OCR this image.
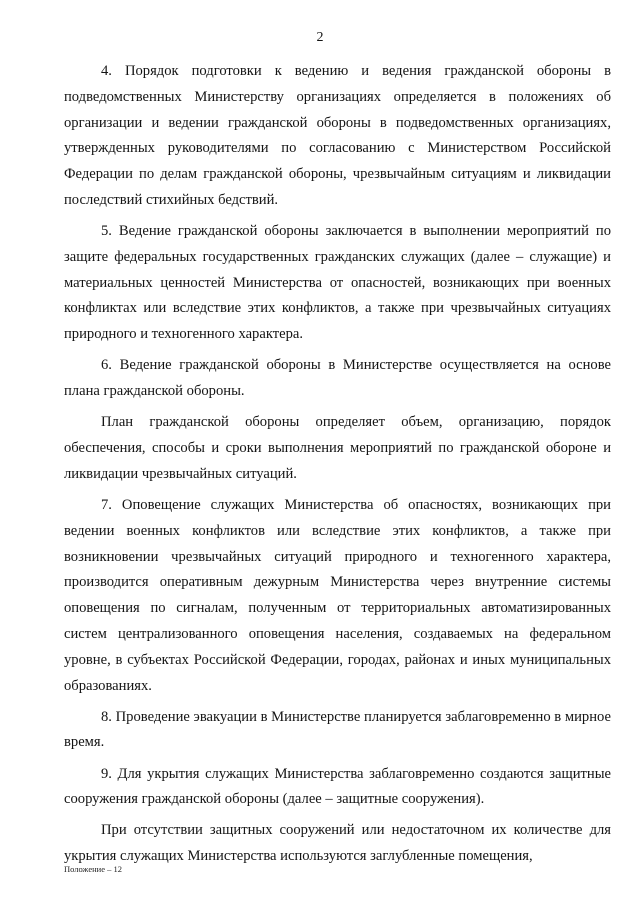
2

4. Порядок подготовки к ведению и ведения гражданской обороны в подведомственных Министерству организациях определяется в положениях об организации и ведении гражданской обороны в подведомственных организациях, утвержденных руководителями по согласованию с Министерством Российской Федерации по делам гражданской обороны, чрезвычайным ситуациям и ликвидации последствий стихийных бедствий.

5. Ведение гражданской обороны заключается в выполнении мероприятий по защите федеральных государственных гражданских служащих (далее – служащие) и материальных ценностей Министерства от опасностей, возникающих при военных конфликтах или вследствие этих конфликтов, а также при чрезвычайных ситуациях природного и техногенного характера.

6. Ведение гражданской обороны в Министерстве осуществляется на основе плана гражданской обороны.

План гражданской обороны определяет объем, организацию, порядок обеспечения, способы и сроки выполнения мероприятий по гражданской обороне и ликвидации чрезвычайных ситуаций.

7. Оповещение служащих Министерства об опасностях, возникающих при ведении военных конфликтов или вследствие этих конфликтов, а также при возникновении чрезвычайных ситуаций природного и техногенного характера, производится оперативным дежурным Министерства через внутренние системы оповещения по сигналам, полученным от территориальных автоматизированных систем централизованного оповещения населения, создаваемых на федеральном уровне, в субъектах Российской Федерации, городах, районах и иных муниципальных образованиях.

8. Проведение эвакуации в Министерстве планируется заблаговременно в мирное время.

9. Для укрытия служащих Министерства заблаговременно создаются защитные сооружения гражданской обороны (далее – защитные сооружения).

При отсутствии защитных сооружений или недостаточном их количестве для укрытия служащих Министерства используются заглубленные помещения,

Положение – 12
